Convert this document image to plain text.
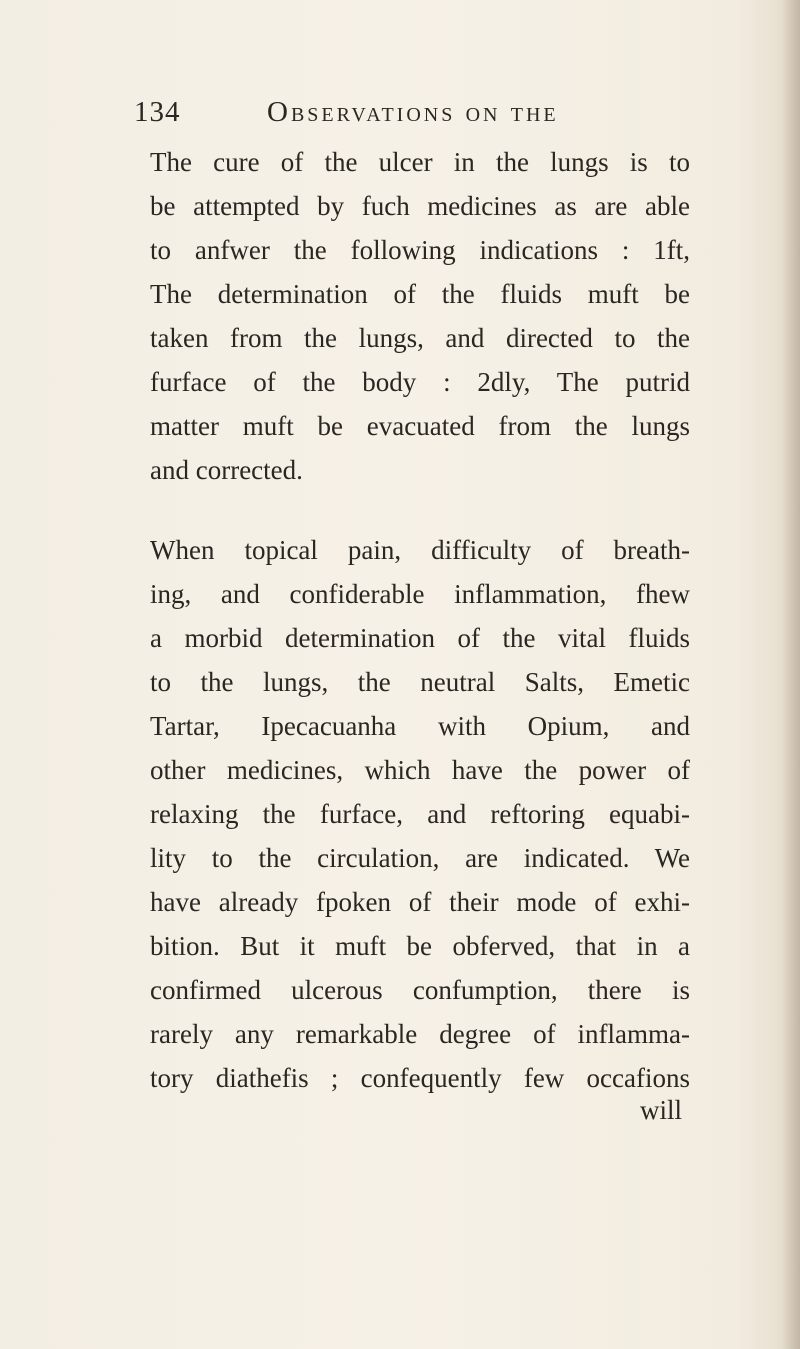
134	Observations on the
The cure of the ulcer in the lungs is to
be attempted by fuch medicines as are able
to anfwer the following indications : 1ft,
The determination of the fluids muft be
taken from the lungs, and directed to the
furface of the body : 2dly, The putrid
matter muft be evacuated from the lungs
and corrected.
When topical pain, difficulty of breath-
ing, and confiderable inflammation, fhew
a morbid determination of the vital fluids
to the lungs, the neutral Salts, Emetic
Tartar, Ipecacuanha with Opium, and
other medicines, which have the power of
relaxing the furface, and reftoring equabi-
lity to the circulation, are indicated. We
have already fpoken of their mode of exhi-
bition. But it muft be obferved, that in a
confirmed ulcerous confumption, there is
rarely any remarkable degree of inflamma-
tory diathefis ; confequently few occafions
will
